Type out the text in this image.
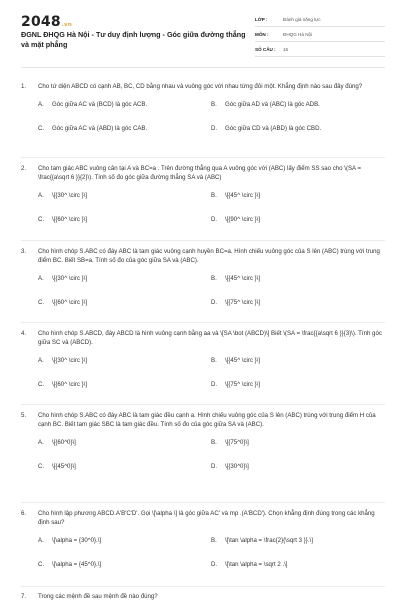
2048.vn
ĐGNL ĐHQG Hà Nội - Tư duy định lượng - Góc giữa đường thẳng và mặt phẳng
LỚP :	Đánh giá năng lực
MÔN :	ĐHQG Hà Nội
SỐ CÂU :	16
1.	Cho tứ diện ABCD có cạnh AB, BC, CD bằng nhau và vuông góc với nhau từng đôi một. Khẳng định nào sau đây đúng?
A.	Góc giữa AC và (BCD) là góc ACB.	B.	Góc giữa AD và (ABC) là góc ADB.
C.	Góc giữa AC và (ABD) là góc CAB.	D.	Góc giữa CD và (ABD) là góc CBD.
2.	Cho tam giác ABC vuông cân tại A và BC=a . Trên đường thẳng qua A vuông góc với (ABC) lấy điểm SS sao cho \(SA = \frac{{a\sqrt 6 }}{2}\). Tính số đo góc giữa đường thẳng SA và (ABC)
A.	\[{30^ \circ }\]	B.	\[{45^ \circ }\]
C.	\[{60^ \circ }\]	D.	\[{90^ \circ }\]
3.	Cho hình chóp S.ABC có đáy ABC là tam giác vuông cạnh huyền BC=a. Hình chiếu vuông góc của S lên (ABC) trùng với trung điểm BC. Biết SB=a. Tính số đo của góc giữa SA và (ABC).
A.	\[{30^ \circ }\]	B.	\[{45^ \circ }\]
C.	\[{60^ \circ }\]	D.	\[{75^ \circ }\]
4.	Cho hình chóp S.ABCD, đáy ABCD là hình vuông cạnh bằng aa và \[SA \bot (ABCD)\] Biết \(SA = \frac{{a\sqrt 6 }}{3}\). Tính góc giữa SC và (ABCD).
A.	\[{30^ \circ }\]	B.	\[{45^ \circ }\]
C.	\[{60^ \circ }\]	D.	\[{75^ \circ }\]
5.	Cho hình chóp S.ABC có đáy ABC là tam giác đều cạnh a. Hình chiếu vuông góc của S lên (ABC) trùng với trung điểm H của cạnh BC. Biết tam giác SBC là tam giác đều. Tính số đo của góc giữa SA và (ABC).
A.	\[{60^0}\]	B.	\[{75^0}\]
C.	\[{45^0}\]	D.	\[{30^0}\]
6.	Cho hình lập phương ABCD.A'B'C'D'. Gọi \[\alpha \] là góc giữa AC' và mp .(A'BCD'). Chọn khẳng định đúng trong các khẳng định sau?
A.	\[\alpha = {30^0}.\]	B.	\[\tan \alpha = \frac{2}{\sqrt 3 }}.\]
C.	\[\alpha = {45^0}.\]	D.	\[\tan \alpha = \sqrt 2 .\]
7.	Trong các mệnh đề sau mệnh đề nào đúng?
